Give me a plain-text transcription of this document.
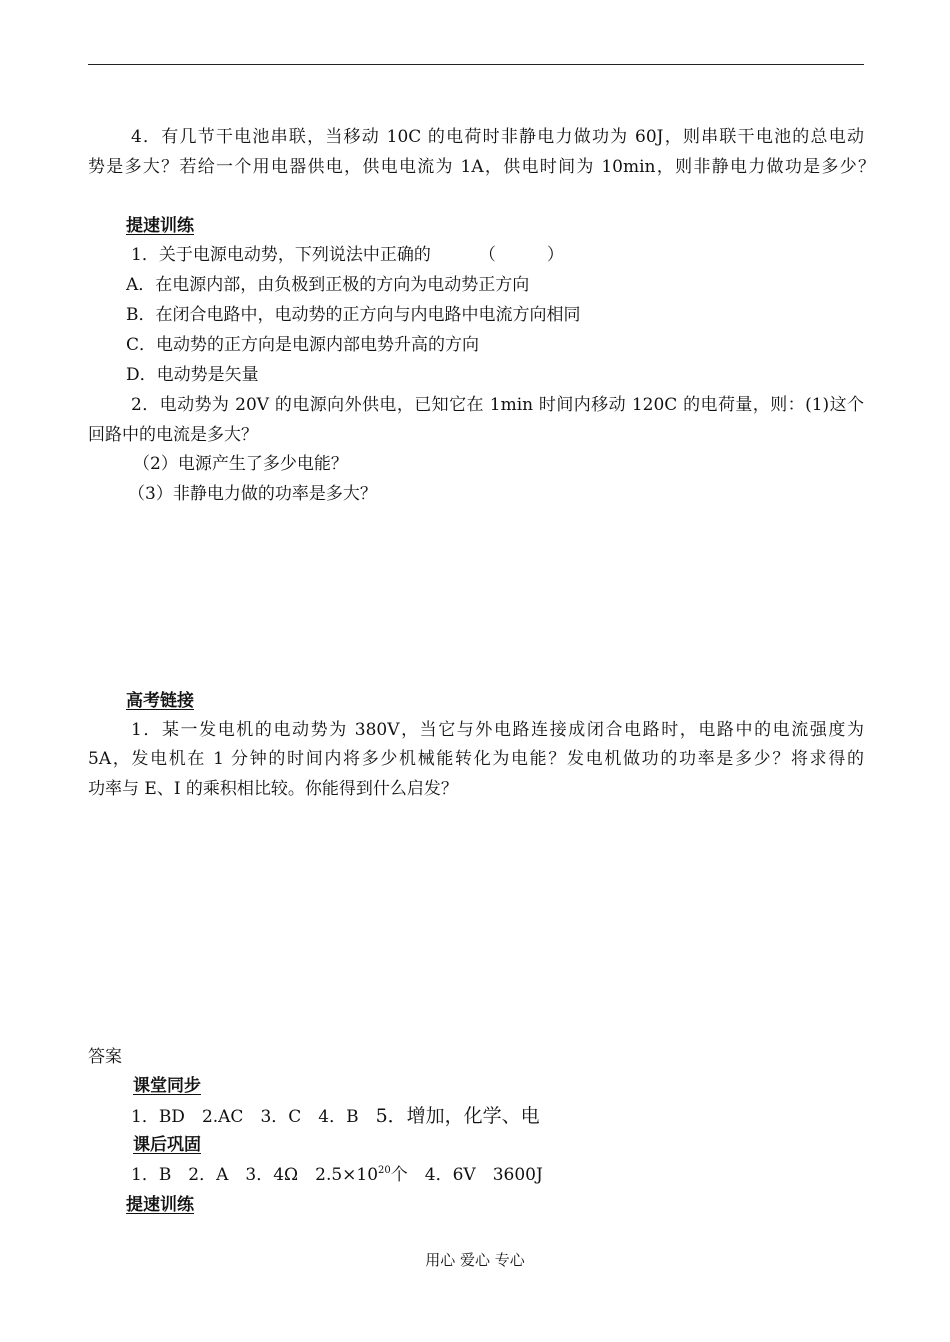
4．有几节干电池串联，当移动 10C 的电荷时非静电力做功为 60J，则串联干电池的总电动
势是多大？若给一个用电器供电，供电电流为 1A，供电时间为 10min，则非静电力做功是多少？
提速训练
1．关于电源电动势，下列说法中正确的	（　　　）
A．在电源内部，由负极到正极的方向为电动势正方向
B．在闭合电路中，电动势的正方向与内电路中电流方向相同
C．电动势的正方向是电源内部电势升高的方向
D．电动势是矢量
2．电动势为 20V 的电源向外供电，已知它在 1min 时间内移动 120C 的电荷量，则：(1)这个
回路中的电流是多大？
（2）电源产生了多少电能？
（3）非静电力做的功率是多大？
高考链接
1．某一发电机的电动势为 380V，当它与外电路连接成闭合电路时，电路中的电流强度为
5A，发电机在 1 分钟的时间内将多少机械能转化为电能？发电机做功的功率是多少？将求得的
功率与 E、I 的乘积相比较。你能得到什么启发？
答案
课堂同步
1．BD　2.AC　3．C　4．B　5．增加，化学、电
课后巩固
1．B　2．A　3．4Ω　$2.5\times 10^{20}$个　4．6V　3600J
提速训练
用心 爱心 专心
